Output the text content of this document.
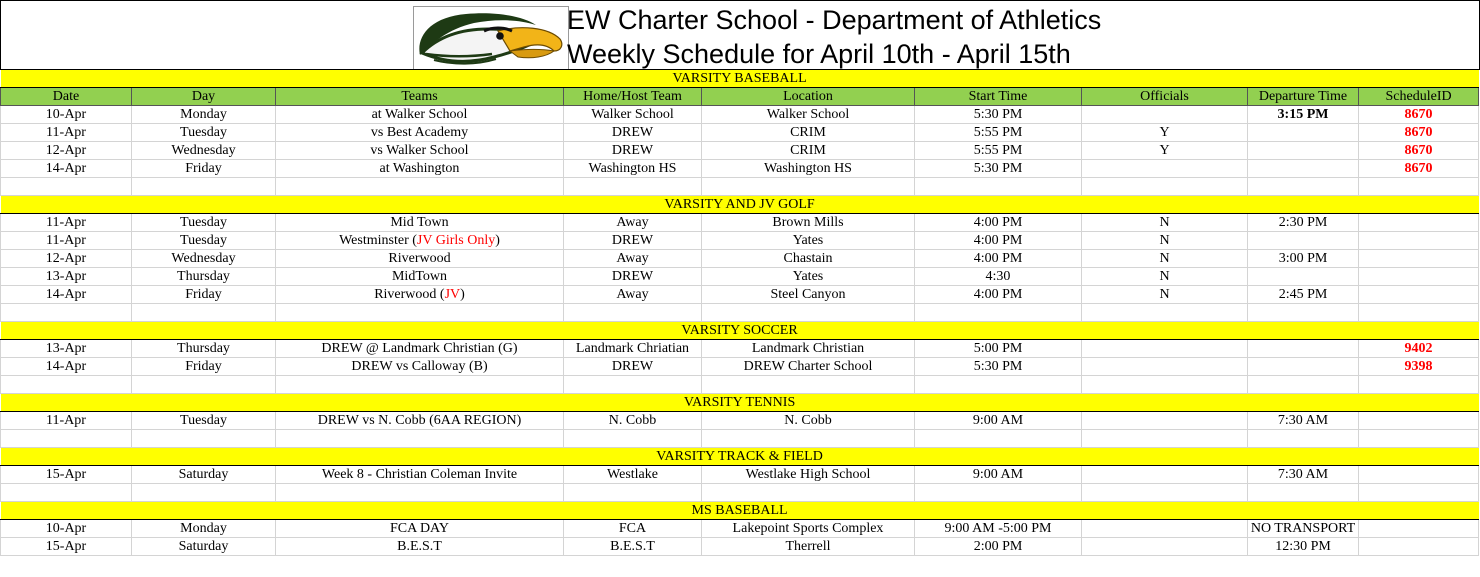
EW Charter School - Department of Athletics
Weekly Schedule for April 10th - April 15th
VARSITY BASEBALL								
Date	Day	Teams	Home/Host Team	Location	Start Time	Officials	Departure Time	ScheduleID
10-Apr	Monday	at Walker School	Walker School	Walker School	5:30 PM		3:15 PM	8670
11-Apr	Tuesday	vs Best Academy	DREW	CRIM	5:55 PM	Y		8670
12-Apr	Wednesday	vs Walker School	DREW	CRIM	5:55 PM	Y		8670
14-Apr	Friday	at Washington	Washington HS	Washington HS	5:30 PM			8670

VARSITY AND JV GOLF								
11-Apr	Tuesday	Mid Town	Away	Brown Mills	4:00 PM	N	2:30 PM	
11-Apr	Tuesday	Westminster (JV Girls Only)	DREW	Yates	4:00 PM	N		
12-Apr	Wednesday	Riverwood	Away	Chastain	4:00 PM	N	3:00 PM	
13-Apr	Thursday	MidTown	DREW	Yates	4:30	N		
14-Apr	Friday	Riverwood (JV)	Away	Steel Canyon	4:00 PM	N	2:45 PM	

VARSITY SOCCER								
13-Apr	Thursday	DREW @ Landmark Christian (G)	Landmark Chriatian	Landmark Christian	5:00 PM			9402
14-Apr	Friday	DREW vs Calloway (B)	DREW	DREW Charter School	5:30 PM			9398

VARSITY TENNIS								
11-Apr	Tuesday	DREW vs N. Cobb (6AA REGION)	N. Cobb	N. Cobb	9:00 AM		7:30 AM	

VARSITY TRACK & FIELD								
15-Apr	Saturday	Week 8 - Christian Coleman Invite	Westlake	Westlake High School	9:00 AM		7:30 AM	

MS BASEBALL								
10-Apr	Monday	FCA DAY	FCA	Lakepoint Sports Complex	9:00 AM -5:00 PM		NO TRANSPORT	
15-Apr	Saturday	B.E.S.T	B.E.S.T	Therrell	2:00 PM		12:30 PM	
